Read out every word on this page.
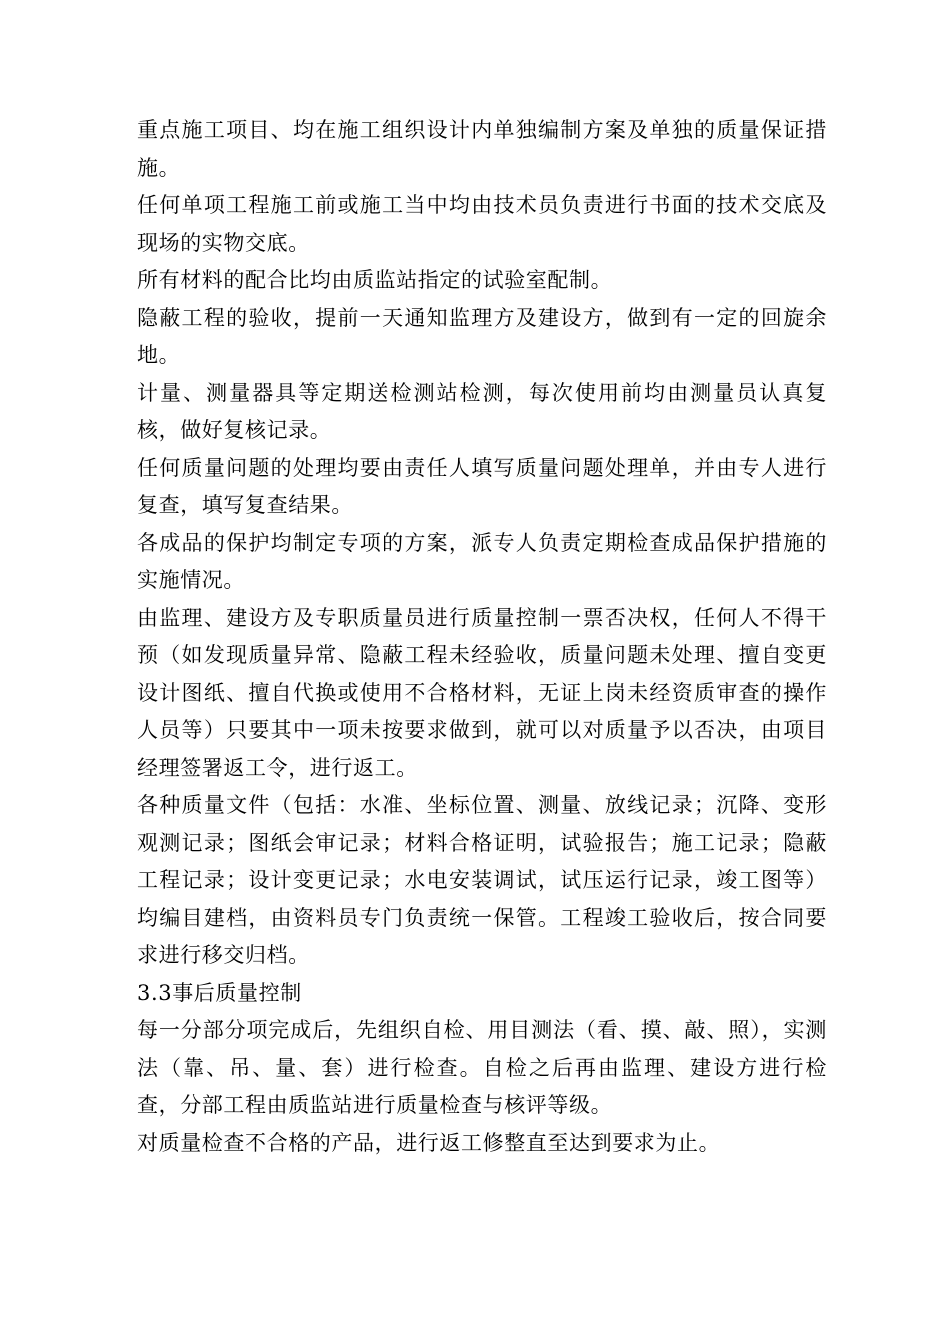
重点施工项目、均在施工组织设计内单独编制方案及单独的质量保证措施。

任何单项工程施工前或施工当中均由技术员负责进行书面的技术交底及现场的实物交底。

所有材料的配合比均由质监站指定的试验室配制。

隐蔽工程的验收，提前一天通知监理方及建设方，做到有一定的回旋余地。

计量、测量器具等定期送检测站检测，每次使用前均由测量员认真复核，做好复核记录。

任何质量问题的处理均要由责任人填写质量问题处理单，并由专人进行复查，填写复查结果。

各成品的保护均制定专项的方案，派专人负责定期检查成品保护措施的实施情况。

由监理、建设方及专职质量员进行质量控制一票否决权，任何人不得干预（如发现质量异常、隐蔽工程未经验收，质量问题未处理、擅自变更设计图纸、擅自代换或使用不合格材料，无证上岗未经资质审查的操作人员等）只要其中一项未按要求做到，就可以对质量予以否决，由项目经理签署返工令，进行返工。

各种质量文件（包括：水准、坐标位置、测量、放线记录；沉降、变形观测记录；图纸会审记录；材料合格证明，试验报告；施工记录；隐蔽工程记录；设计变更记录；水电安装调试，试压运行记录，竣工图等）均编目建档，由资料员专门负责统一保管。工程竣工验收后，按合同要求进行移交归档。

3.3事后质量控制

每一分部分项完成后，先组织自检、用目测法（看、摸、敲、照），实测法（靠、吊、量、套）进行检查。自检之后再由监理、建设方进行检查，分部工程由质监站进行质量检查与核评等级。

对质量检查不合格的产品，进行返工修整直至达到要求为止。
